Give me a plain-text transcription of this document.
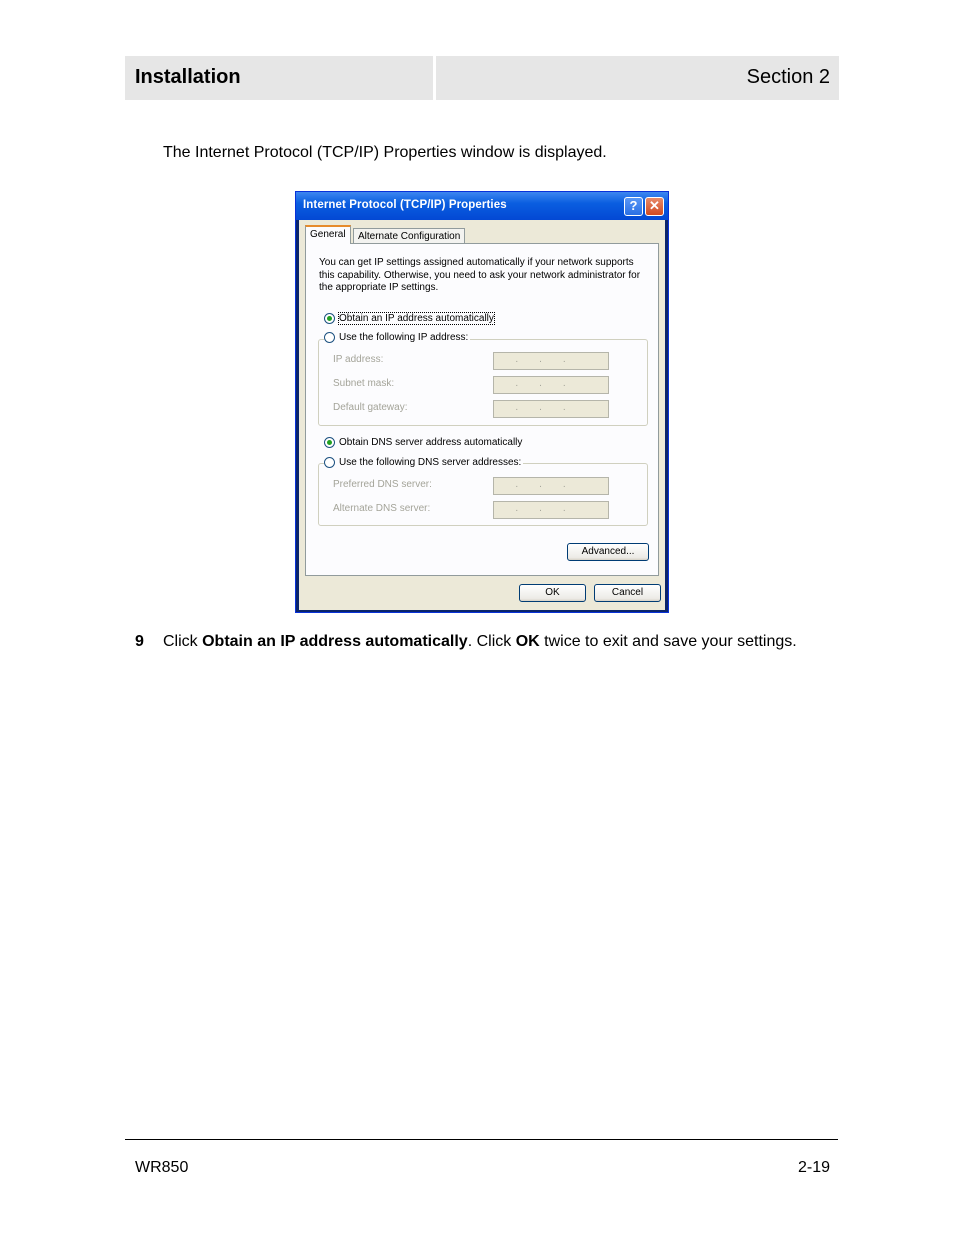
Installation	Section 2
The Internet Protocol (TCP/IP) Properties window is displayed.
Internet Protocol (TCP/IP) Properties	? ✕
General	Alternate Configuration
You can get IP settings assigned automatically if your network supports this capability. Otherwise, you need to ask your network administrator for the appropriate IP settings.
Obtain an IP address automatically
IP address:	...
Subnet mask:	...
Default gateway:	...
Use the following IP address:
Obtain DNS server address automatically
Preferred DNS server:	...
Alternate DNS server:	...
Use the following DNS server addresses:
Advanced...
OK	Cancel
9 Click Obtain an IP address automatically. Click OK twice to exit and save your settings.
WR850	2-19
